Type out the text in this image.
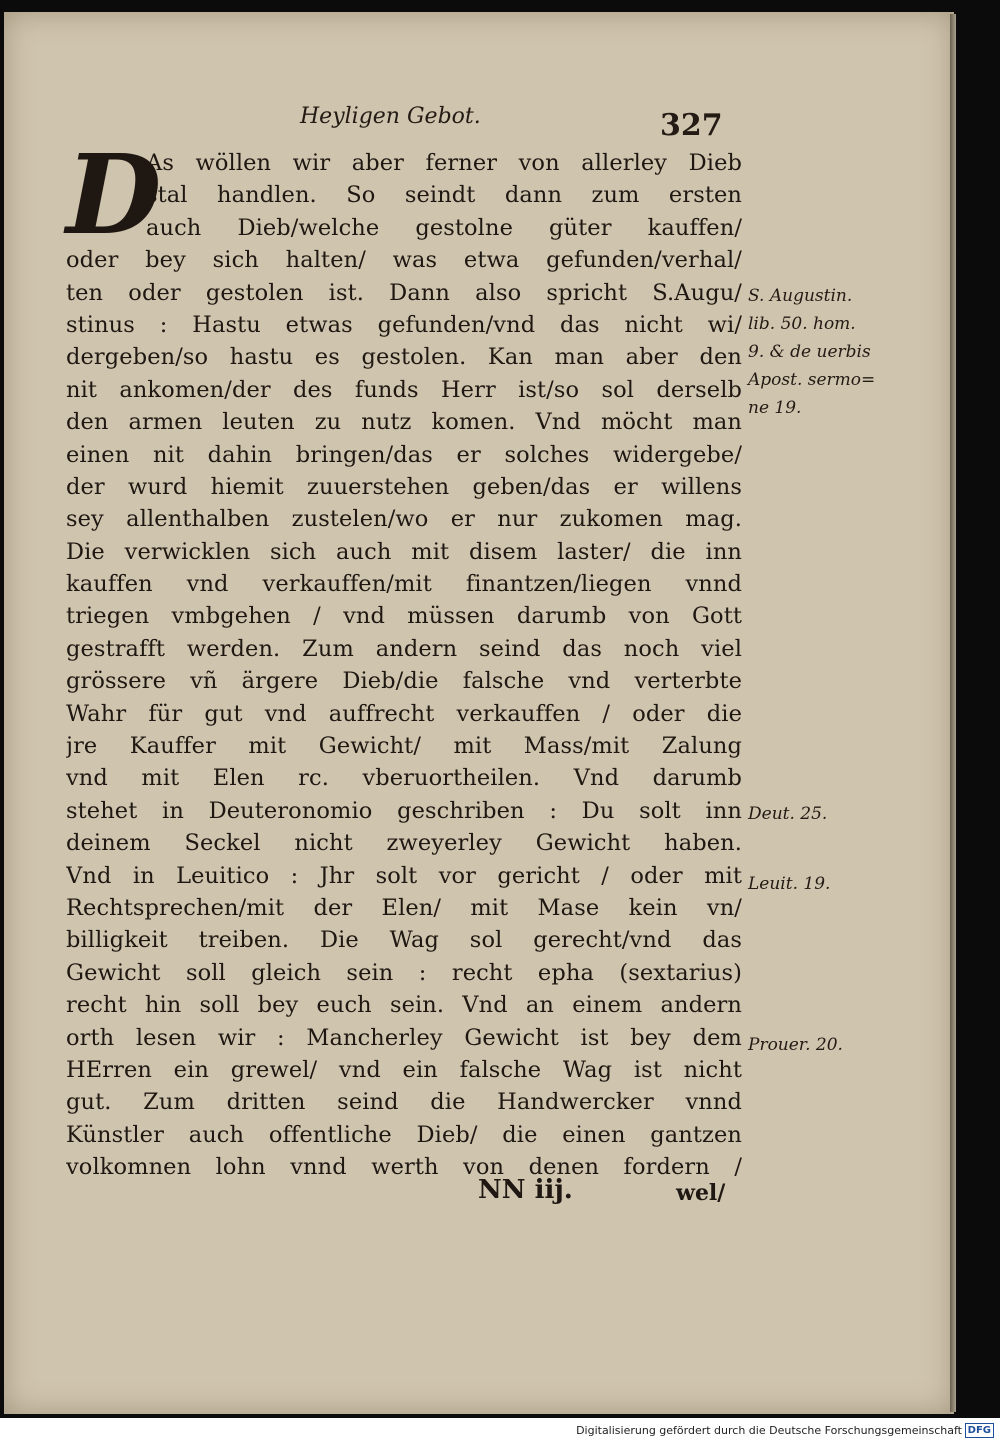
Heyligen Gebot.	327
D
As wöllen wir aber ferner von allerley Dieb
stal handlen. So seindt dann zum ersten
auch Dieb/welche gestolne güter kauffen/
oder bey sich halten/ was etwa gefunden/verhal/
ten oder gestolen ist. Dann also spricht S.Augu/
stinus : Hastu etwas gefunden/vnd das nicht wi/
dergeben/so hastu es gestolen. Kan man aber den
nit ankomen/der des funds Herr ist/so sol derselb
den armen leuten zu nutz komen. Vnd möcht man
einen nit dahin bringen/das er solches widergebe/
der wurd hiemit zuuerstehen geben/das er willens
sey allenthalben zustelen/wo er nur zukomen mag.
Die verwicklen sich auch mit disem laster/ die inn
kauffen vnd verkauffen/mit finantzen/liegen vnnd
triegen vmbgehen / vnd müssen darumb von Gott
gestrafft werden. Zum andern seind das noch viel
grössere vñ ärgere Dieb/die falsche vnd verterbte
Wahr für gut vnd auffrecht verkauffen / oder die
jre Kauffer mit Gewicht/ mit Mass/mit Zalung
vnd mit Elen rc. vberuortheilen. Vnd darumb
stehet in Deuteronomio geschriben : Du solt inn
deinem Seckel nicht zweyerley Gewicht haben.
Vnd in Leuitico : Jhr solt vor gericht / oder mit
Rechtsprechen/mit der Elen/ mit Mase kein vn/
billigkeit treiben. Die Wag sol gerecht/vnd das
Gewicht soll gleich sein : recht epha (sextarius)
recht hin soll bey euch sein. Vnd an einem andern
orth lesen wir : Mancherley Gewicht ist bey dem
HErren ein grewel/ vnd ein falsche Wag ist nicht
gut. Zum dritten seind die Handwercker vnnd
Künstler auch offentliche Dieb/ die einen gantzen
volkomnen lohn vnnd werth von denen fordern /
S. Augustin.
lib. 50. hom.
9. & de uerbis
Apost. sermo=
ne 19.
Deut. 25.
Leuit. 19.
Prouer. 20.
NN iij.	wel/
Digitalisierung gefördert durch die Deutsche Forschungsgemeinschaft DFG
